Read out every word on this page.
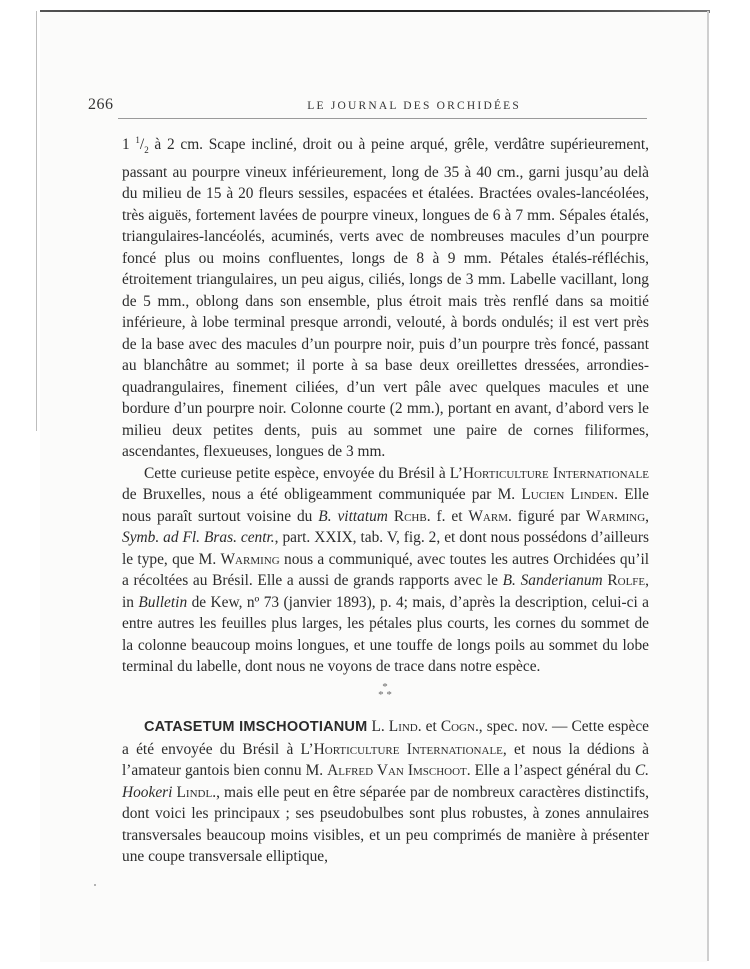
266	LE JOURNAL DES ORCHIDÉES

1 $^1/_2$ à 2 cm. Scape incliné, droit ou à peine arqué, grêle, verdâtre supérieurement, passant au pourpre vineux inférieurement, long de 35 à 40 cm., garni jusqu’au delà du milieu de 15 à 20 fleurs sessiles, espacées et étalées. Bractées ovales-lancéolées, très aiguës, fortement lavées de pourpre vineux, longues de 6 à 7 mm. Sépales étalés, triangulaires-lancéolés, acuminés, verts avec de nombreuses macules d’un pourpre foncé plus ou moins confluentes, longs de 8 à 9 mm. Pétales étalés-réfléchis, étroitement triangulaires, un peu aigus, ciliés, longs de 3 mm. Labelle vacillant, long de 5 mm., oblong dans son ensemble, plus étroit mais très renflé dans sa moitié inférieure, à lobe terminal presque arrondi, velouté, à bords ondulés; il est vert près de la base avec des macules d’un pourpre noir, puis d’un pourpre très foncé, passant au blanchâtre au sommet; il porte à sa base deux oreillettes dressées, arrondies-quadrangulaires, finement ciliées, d’un vert pâle avec quelques macules et une bordure d’un pourpre noir. Colonne courte (2 mm.), portant en avant, d’abord vers le milieu deux petites dents, puis au sommet une paire de cornes filiformes, ascendantes, flexueuses, longues de 3 mm.

Cette curieuse petite espèce, envoyée du Brésil à L’Horticulture Internationale de Bruxelles, nous a été obligeamment communiquée par M. Lucien Linden. Elle nous paraît surtout voisine du B. vittatum Rchb. f. et Warm. figuré par Warming, Symb. ad Fl. Bras. centr., part. XXIX, tab. V, fig. 2, et dont nous possédons d’ailleurs le type, que M. Warming nous a communiqué, avec toutes les autres Orchidées qu’il a récoltées au Brésil. Elle a aussi de grands rapports avec le B. Sanderianum Rolfe, in Bulletin de Kew, nº 73 (janvier 1893), p. 4; mais, d’après la description, celui-ci a entre autres les feuilles plus larges, les pétales plus courts, les cornes du sommet de la colonne beaucoup moins longues, et une touffe de longs poils au sommet du lobe terminal du labelle, dont nous ne voyons de trace dans notre espèce.

*
* *

CATASETUM IMSCHOOTIANUM L. Lind. et Cogn., spec. nov. — Cette espèce a été envoyée du Brésil à L’Horticulture Internationale, et nous la dédions à l’amateur gantois bien connu M. Alfred Van Imschoot. Elle a l’aspect général du C. Hookeri Lindl., mais elle peut en être séparée par de nombreux caractères distinctifs, dont voici les principaux ; ses pseudobulbes sont plus robustes, à zones annulaires transversales beaucoup moins visibles, et un peu comprimés de manière à présenter une coupe transversale elliptique,
